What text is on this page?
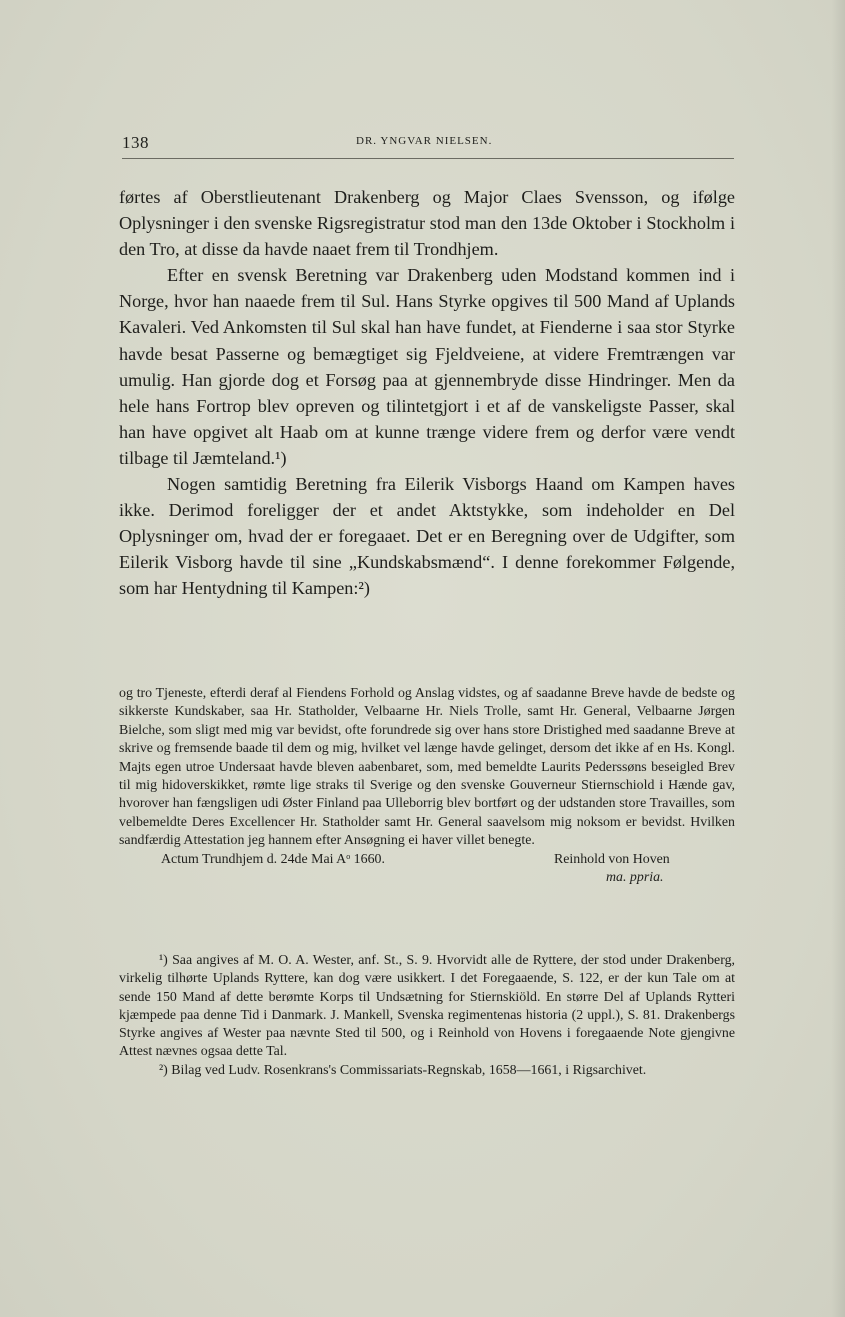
138	DR. YNGVAR NIELSEN.

førtes af Oberstlieutenant Drakenberg og Major Claes Svensson, og ifølge Oplysninger i den svenske Rigsregistratur stod man den 13de Oktober i Stockholm i den Tro, at disse da havde naaet frem til Trondhjem.

Efter en svensk Beretning var Drakenberg uden Modstand kommen ind i Norge, hvor han naaede frem til Sul. Hans Styrke opgives til 500 Mand af Uplands Kavaleri. Ved Ankomsten til Sul skal han have fundet, at Fienderne i saa stor Styrke havde besat Passerne og bemægtiget sig Fjeldveiene, at videre Fremtrængen var umulig. Han gjorde dog et Forsøg paa at gjennembryde disse Hindringer. Men da hele hans Fortrop blev opreven og tilintetgjort i et af de vanskeligste Passer, skal han have opgivet alt Haab om at kunne trænge videre frem og derfor være vendt tilbage til Jæmteland.¹)

Nogen samtidig Beretning fra Eilerik Visborgs Haand om Kampen haves ikke. Derimod foreligger der et andet Aktstykke, som indeholder en Del Oplysninger om, hvad der er foregaaet. Det er en Beregning over de Udgifter, som Eilerik Visborg havde til sine „Kundskabsmænd“. I denne forekommer Følgende, som har Hentydning til Kampen:²)

og tro Tjeneste, efterdi deraf al Fiendens Forhold og Anslag vidstes, og af saadanne Breve havde de bedste og sikkerste Kundskaber, saa Hr. Statholder, Velbaarne Hr. Niels Trolle, samt Hr. General, Velbaarne Jørgen Bielche, som sligt med mig var bevidst, ofte forundrede sig over hans store Dristighed med saadanne Breve at skrive og fremsende baade til dem og mig, hvilket vel længe havde gelinget, dersom det ikke af en Hs. Kongl. Majts egen utroe Undersaat havde bleven aabenbaret, som, med bemeldte Laurits Pederssøns beseigled Brev til mig hidoverskikket, rømte lige straks til Sverige og den svenske Gouverneur Stiernschiold i Hænde gav, hvorover han fængsligen udi Øster Finland paa Ulleborrig blev bortført og der udstanden store Travailles, som velbemeldte Deres Excellencer Hr. Statholder samt Hr. General saavelsom mig noksom er bevidst. Hvilken sandfærdig Attestation jeg hannem efter Ansøgning ei haver villet benegte.

Actum Trundhjem d. 24de Mai Aᵒ 1660.	Reinhold von Hoven
ma. ppria.

¹) Saa angives af M. O. A. Wester, anf. St., S. 9. Hvorvidt alle de Ryttere, der stod under Drakenberg, virkelig tilhørte Uplands Ryttere, kan dog være usikkert. I det Foregaaende, S. 122, er der kun Tale om at sende 150 Mand af dette berømte Korps til Undsætning for Stiernskiöld. En større Del af Uplands Rytteri kjæmpede paa denne Tid i Danmark. J. Mankell, Svenska regimentenas historia (2 uppl.), S. 81. Drakenbergs Styrke angives af Wester paa nævnte Sted til 500, og i Reinhold von Hovens i foregaaende Note gjengivne Attest nævnes ogsaa dette Tal.

²) Bilag ved Ludv. Rosenkrans's Commissariats-Regnskab, 1658—1661, i Rigsarchivet.
